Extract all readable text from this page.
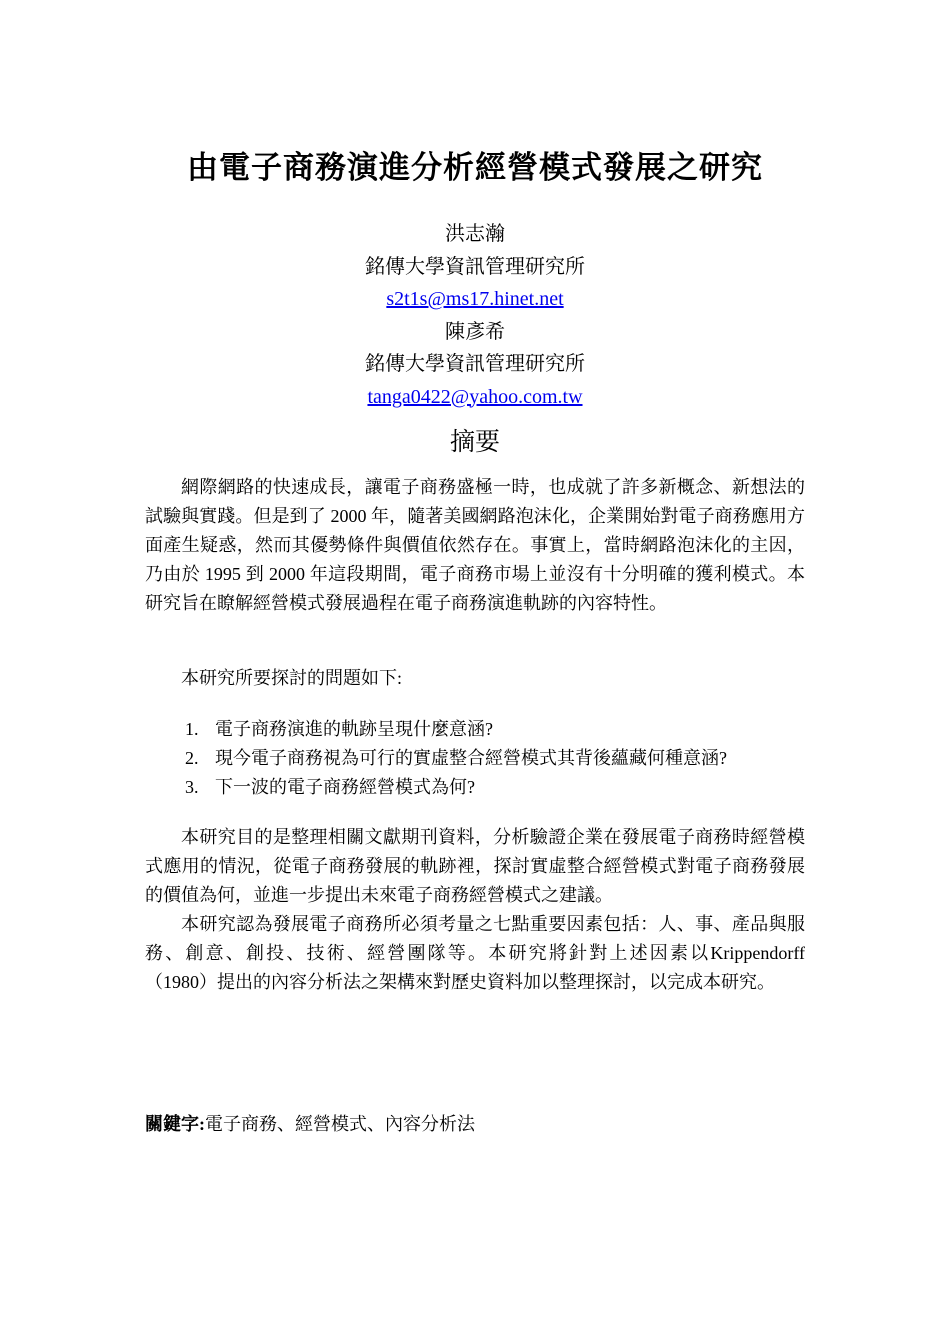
由電子商務演進分析經營模式發展之研究
洪志瀚
銘傳大學資訊管理研究所
s2t1s@ms17.hinet.net
陳彥希
銘傳大學資訊管理研究所
tanga0422@yahoo.com.tw
摘要

網際網路的快速成長，讓電子商務盛極一時，也成就了許多新概念、新想法的試驗與實踐。但是到了 2000 年，隨著美國網路泡沫化，企業開始對電子商務應用方面產生疑惑，然而其優勢條件與價值依然存在。事實上，當時網路泡沫化的主因，乃由於 1995 到 2000 年這段期間，電子商務市場上並沒有十分明確的獲利模式。本研究旨在瞭解經營模式發展過程在電子商務演進軌跡的內容特性。

本研究所要探討的問題如下:

1. 電子商務演進的軌跡呈現什麼意涵?
2. 現今電子商務視為可行的實虛整合經營模式其背後蘊藏何種意涵?
3. 下一波的電子商務經營模式為何?

本研究目的是整理相關文獻期刊資料，分析驗證企業在發展電子商務時經營模式應用的情況，從電子商務發展的軌跡裡，探討實虛整合經營模式對電子商務發展的價值為何，並進一步提出未來電子商務經營模式之建議。

本研究認為發展電子商務所必須考量之七點重要因素包括：人、事、產品與服務、創意、創投、技術、經營團隊等。本研究將針對上述因素以Krippendorff（1980）提出的內容分析法之架構來對歷史資料加以整理探討，以完成本研究。

關鍵字:電子商務、經營模式、內容分析法
